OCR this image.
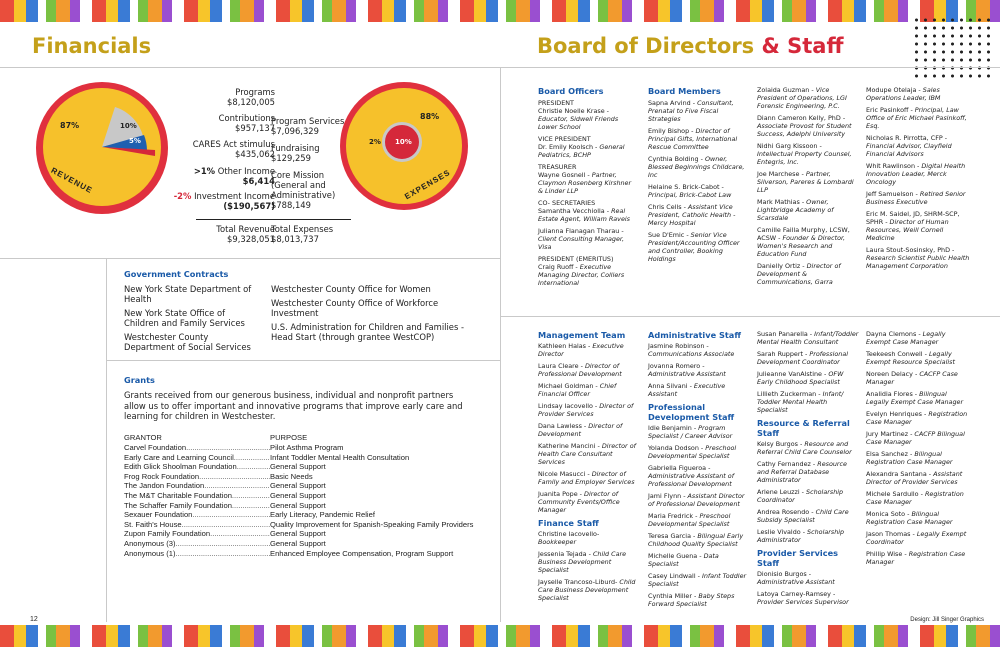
Financials	Board of Directors & Staff
87%	10%
5%
REVENUE
Programs
$8,120,005
Contributions
$957,137
CARES Act stimulus
$435,062
>1% Other Income
$6,414
-2% Investment Income
($190,567)
Total Revenue
$9,328,051
Program Services
$7,096,329
Fundraising
$129,259
Core Mission (General and Administrative)
$788,149
Total Expenses
$8,013,737
10%
2%
88%
EXPENSES
Government Contracts
New York State Department of Health
New York State Office of Children and Family Services
Westchester County Department of Social Services
Westchester County Office for Women
Westchester County Office of Workforce Investment
U.S. Administration for Children and Families - Head Start (through grantee WestCOP)
Grants
Grants received from our generous business, individual and nonprofit partners allow us to offer important and innovative programs that improve early care and learning for children in Westchester.
GRANTOR	PURPOSE
Carvel Foundation .....	Pilot Asthma Program
Early Care and Learning Council .....	Infant Toddler Mental Health Consultation
Edith Glick Shoolman Foundation .....	General Support
Frog Rock Foundation .....	Basic Needs
The Jandon Foundation .....	General Support
The M&T Charitable Foundation .....	General Support
The Schaffer Family Foundation .....	General Support
Sexauer Foundation .....	Early Literacy, Pandemic Relief
St. Faith's House .....	Quality Improvement for Spanish-Speaking Family Providers
Zupon Family Foundation .....	General Support
Anonymous (3) .....	General Support
Anonymous (1) .....	Enhanced Employee Compensation, Program Support
12	Design: Jill Singer Graphics
Board Officers
PRESIDENT
Christie Noelle Krase - Educator, Sidwell Friends Lower School
VICE PRESIDENT
Dr. Emily Koolsch - General Pediatrics, BCHP
TREASURER
Wayne Gosnell - Partner, Claymon Rosenberg Kirshner & Linder LLP
CO- SECRETARIES
Samantha Vecchiolla - Real Estate Agent, William Raveis
Julianna Flanagan Tharau - Client Consulting Manager, Visa
PRESIDENT (EMERITUS)
Craig Ruoff - Executive Managing Director, Colliers International
Board Members
Sapna Arvind - Consultant, Prenatal to Five Fiscal Strategies
Emily Bishop - Director of Principal Gifts, International Rescue Committee
Cynthia Bolding - Owner, Blessed Beginnings Childcare, Inc
Helaine S. Brick-Cabot - Principal, Brick-Cabot Law
Chris Cells - Assistant Vice President, Catholic Health - Mercy Hospital
Sue D'Emic - Senior Vice President/Accounting Officer and Controller, Booking Holdings
Zolaida Guzman - Vice President of Operations, LGI Forensic Engineering, P.C.
Diann Cameron Kelly, PhD - Associate Provost for Student Success, Adelphi University
Nidhi Garg Kissoon - Intellectual Property Counsel, Entegris, Inc.
Joe Marchese - Partner, Silverson, Pareres & Lombardi LLP
Mark Mathias - Owner, Lightbridge Academy of Scarsdale
Camille Failla Murphy, LCSW, ACSW - Founder & Director, Women's Research and Education Fund
Danielly Ortiz - Director of Development & Communications, Garra
Modupe Otelaja - Sales Operations Leader, IBM
Eric Pasinkoff - Principal, Law Office of Eric Michael Pasinkoff, Esq.
Nicholas R. Pirrotta, CFP - Financial Advisor, Clayfield Financial Advisors
Whit Rawlinson - Digital Health Innovation Leader, Merck Oncology
Jeff Samuelson - Retired Senior Business Executive
Eric M. Saidel, JD, SHRM-SCP, SPHR - Director of Human Resources, Weill Cornell Medicine
Laura Stout-Sosinsky, PhD - Research Scientist Public Health Management Corporation
Management Team
Kathleen Halas - Executive Director
Laura Cleare - Director of Professional Development
Michael Goldman - Chief Financial Officer
Lindsay Iacovello - Director of Provider Services
Dana Lawless - Director of Development
Katherine Mancini - Director of Health Care Consultant Services
Nicole Masucci - Director of Family and Employer Services
Juanita Pope - Director of Community Events/Office Manager
Finance Staff
Christine Iacovello- Bookkeeper
Jessenia Tejada - Child Care Business Development Specialist
Jayselle Trancoso-Liburd- Child Care Business Development Specialist
Administrative Staff
Jasmine Robinson - Communications Associate
Jovanna Romero - Administrative Assistant
Anna Silvani - Executive Assistant
Professional Development Staff
Idie Benjamin - Program Specialist / Career Advisor
Yolanda Dodson - Preschool Developmental Specialist
Gabriella Figueroa - Administrative Assistant of Professional Development
Jami Flynn - Assistant Director of Professional Development
Maria Fredrick - Preschool Developmental Specialist
Teresa Garcia - Bilingual Early Childhood Quality Specialist
Michelle Guena - Data Specialist
Casey Lindwall - Infant Toddler Specialist
Cynthia Miller - Baby Steps Forward Specialist
Susan Panarella - Infant/Toddler Mental Health Consultant
Sarah Ruppert - Professional Development Coordinator
Julieanne VanAlstine - OFW Early Childhood Specialist
Lillieth Zuckerman - Infant/ Toddler Mental Health Specialist
Resource & Referral Staff
Kelsy Burgos - Resource and Referral Child Care Counselor
Cathy Fernandez - Resource and Referral Database Administrator
Arlene Leuzzi - Scholarship Coordinator
Andrea Rosendo - Child Care Subsidy Specialist
Leslie Vivaldo - Scholarship Administrator
Provider Services Staff
Dionisio Burgos - Administrative Assistant
Latoya Carney-Ramsey - Provider Services Supervisor
Dayna Clemons - Legally Exempt Case Manager
Teekeesh Conwell - Legally Exempt Resource Specialist
Noreen Delacy - CACFP Case Manager
Analidia Flores - Bilingual Legally Exempt Case Manager
Evelyn Henriques - Registration Case Manager
Jury Martinez - CACFP Bilingual Case Manager
Elsa Sanchez - Bilingual Registration Case Manager
Alexandra Santana - Assistant Director of Provider Services
Michele Sardullo - Registration Case Manager
Monica Soto - Bilingual Registration Case Manager
Jason Thomas - Legally Exempt Coordinator
Phillip Wise - Registration Case Manager
